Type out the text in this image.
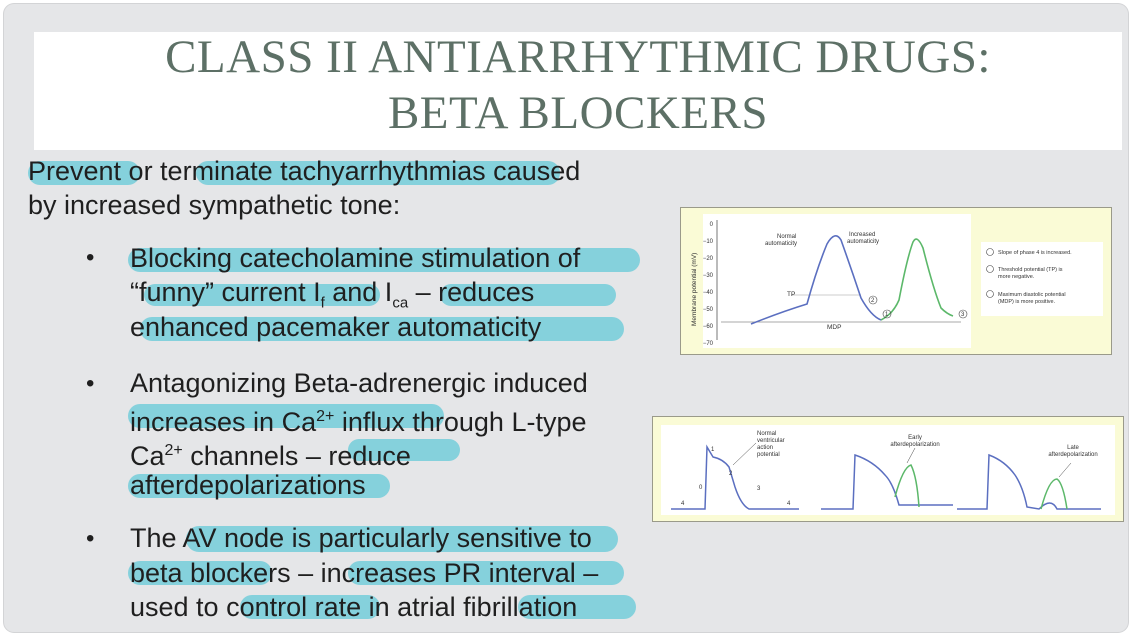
CLASS II ANTIARRHYTHMIC DRUGS:
BETA BLOCKERS
Prevent or terminate tachyarrhythmias caused
by increased sympathetic tone:
• Blocking catecholamine stimulation of
“funny” current $I_f$ and $I_{ca}$ – reduces
enhanced pacemaker automaticity
• Antagonizing Beta-adrenergic induced
increases in $Ca^{2+}$ influx through L-type
$Ca^{2+}$ channels – reduce
afterdepolarizations
• The AV node is particularly sensitive to
beta blockers – increases PR interval –
used to control rate in atrial fibrillation
Membrane potential (mV)
0
−10
−20
−30
−40
−50
−60
−70
TP
MDP
Normal automaticity
Increased automaticity
2
1	3
Slope of phase 4 is increased.
Threshold potential (TP) is more negative.
Maximum diastolic potential (MDP) is more positive.
Normal ventricular action potential
0
1
2
3
4	4
Early afterdepolarization	Late afterdepolarization
